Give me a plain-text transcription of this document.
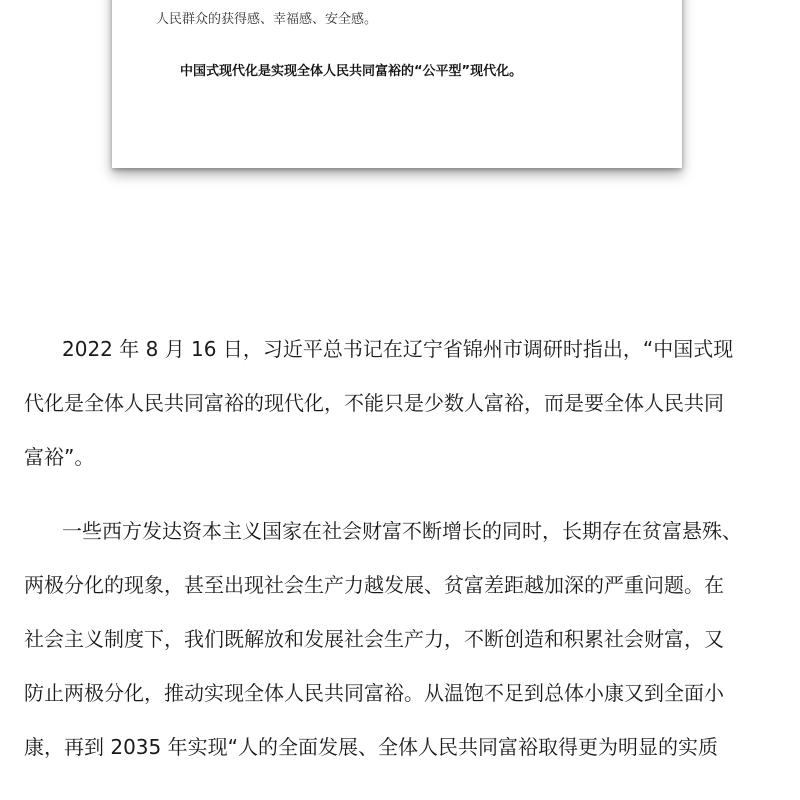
人民群众的获得感、幸福感、安全感。
中国式现代化是实现全体人民共同富裕的“公平型”现代化。

2022 年 8 月 16 日，习近平总书记在辽宁省锦州市调研时指出，“中国式现
代化是全体人民共同富裕的现代化，不能只是少数人富裕，而是要全体人民共同
富裕”。

一些西方发达资本主义国家在社会财富不断增长的同时，长期存在贫富悬殊、
两极分化的现象，甚至出现社会生产力越发展、贫富差距越加深的严重问题。在
社会主义制度下，我们既解放和发展社会生产力，不断创造和积累社会财富，又
防止两极分化，推动实现全体人民共同富裕。从温饱不足到总体小康又到全面小
康，再到 2035 年实现“人的全面发展、全体人民共同富裕取得更为明显的实质
